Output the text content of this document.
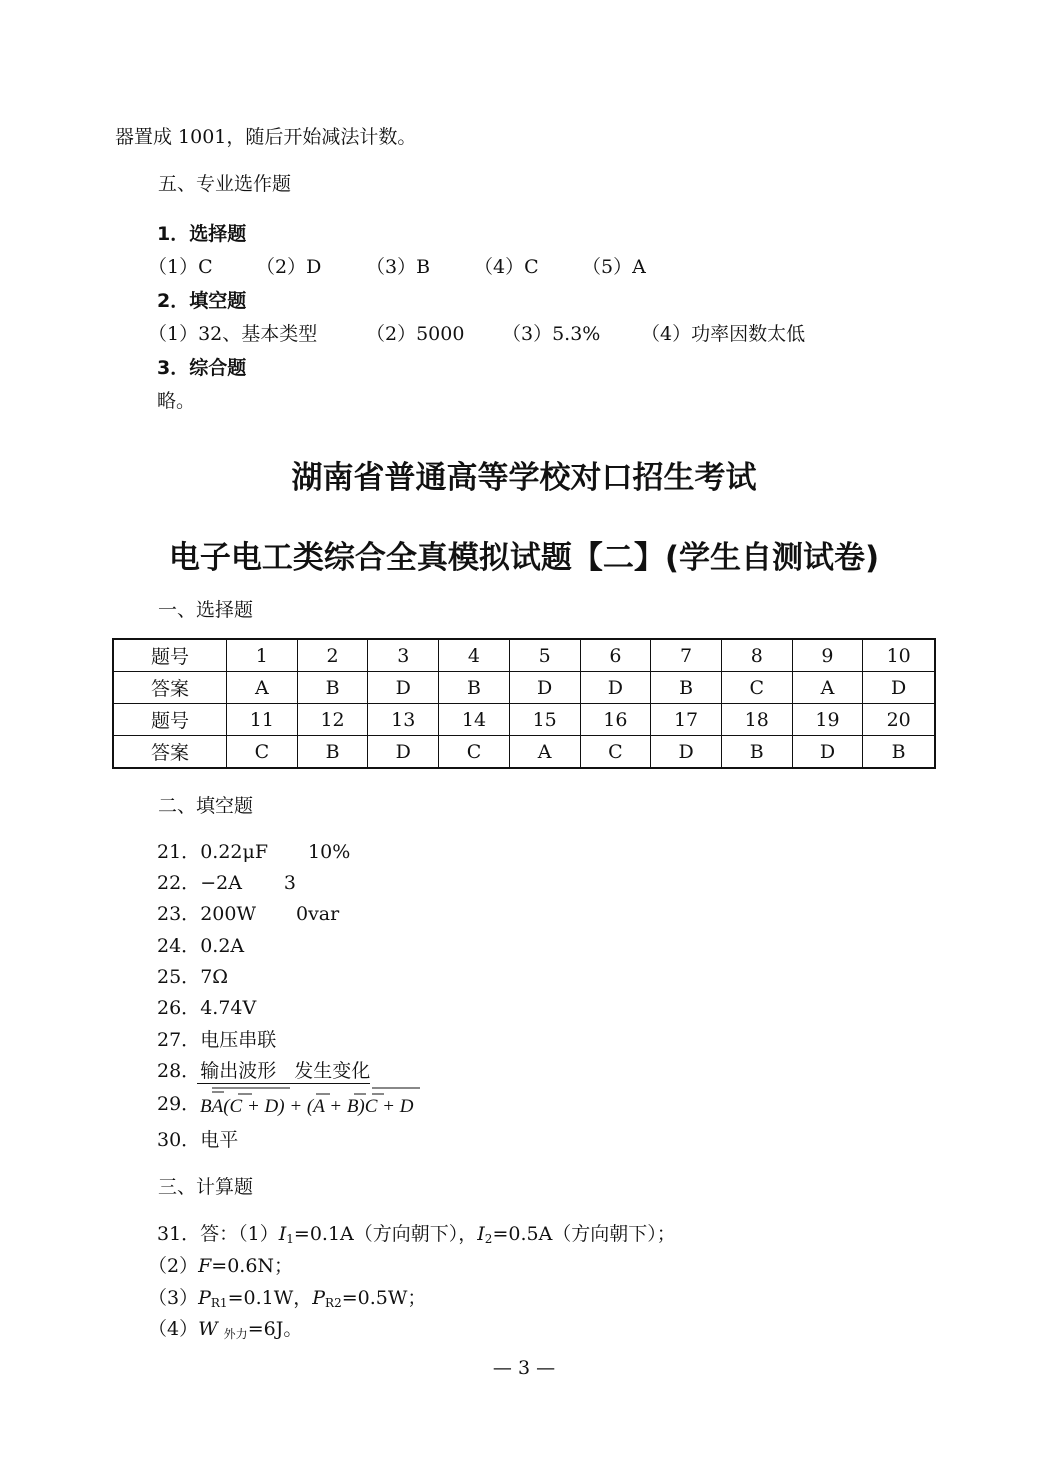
器置成 1001，随后开始减法计数。
五、专业选作题
1．选择题
（1）C （2）D （3）B （4）C （5）A
2．填空题
（1）32、基本类型	（2）5000 （3）5.3% （4）功率因数太低
3．综合题
略。
湖南省普通高等学校对口招生考试
电子电工类综合全真模拟试题【二】(学生自测试卷)
一、选择题
题号	1	2	3	4	5	6	7	8	9	10
答案	A	B	D	B	D	D	B	C	A	D
题号	11	12	13	14	15	16	17	18	19	20
答案	C	B	D	C	A	C	D	B	D	B
二、填空题
21．0.22μF 10%
22．−2A 3
23．200W 0var
24．0.2A
25．7Ω
26．4.74V
27．电压串联
28．输出波形 发生变化
29． BA(C + D) + (A + B)C + D
30．电平
三、计算题
31．答：$(1)I_1=0.1A$（方向朝下），$I_2=0.5A$（方向朝下）；
（2）F=0.6N；
$(3)P_{R1}=0.1W$，$P_{R2}=0.5W$；
（4）W $_{外力}$=6J。
— 3 —
